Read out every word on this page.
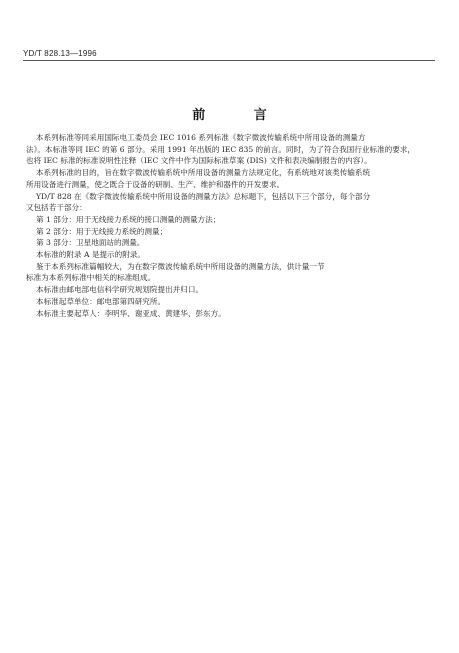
YD/T 828.13—1996
前 言
本系列标准等同采用国际电工委员会 IEC 1016 系列标准《数字微波传输系统中所用设备的测量方
法》。本标准等同 IEC 的第 6 部分。采用 1991 年出版的 IEC 835 的前言。同时，为了符合我国行业标准的要求，
也将 IEC 标准的标准说明性注释（IEC 文件中作为国际标准草案 (DIS) 文件和表决编制报告的内容）。
本系列标准的目的，旨在数字微波传输系统中所用设备的测量方法规定化，有系统地对该类传输系统
所用设备进行测量，使之既合于设备的研制、生产、维护和器件的开发要求。
YD/T 828 在《数字微波传输系统中所用设备的测量方法》总标题下，包括以下三个部分，每个部分
又包括若干部分：
第 1 部分：用于无线接力系统的接口测量的测量方法；
第 2 部分：用于无线接力系统的测量；
第 3 部分：卫星地面站的测量。
本标准的附录 A 是提示的附录。
鉴于本系列标准篇幅较大，为在数字微波传输系统中所用设备的测量方法，供计量一节
标准为本系列标准中相关的标准组成。
本标准由邮电部电信科学研究规划院提出并归口。
本标准起草单位：邮电部第四研究所。
本标准主要起草人：李明华、谢亚成、黄建华、彭东方。
